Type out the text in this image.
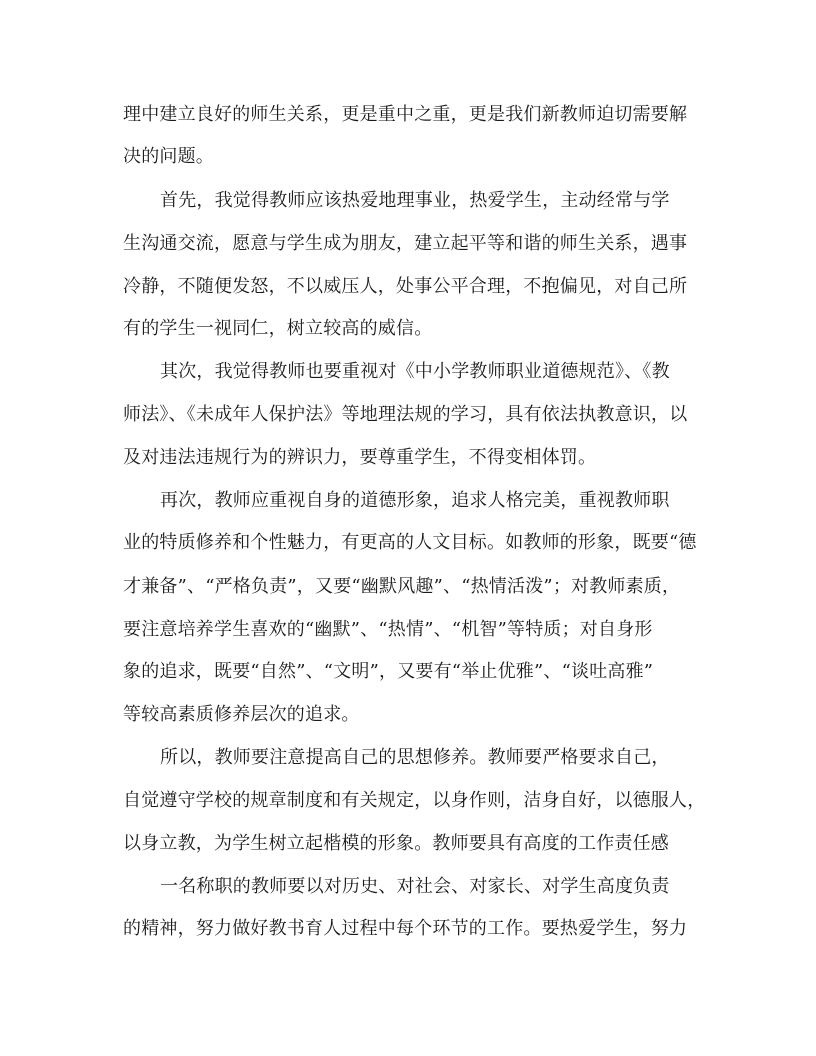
理中建立良好的师生关系，更是重中之重，更是我们新教师迫切需要解
决的问题。
首先，我觉得教师应该热爱地理事业，热爱学生，主动经常与学
生沟通交流，愿意与学生成为朋友，建立起平等和谐的师生关系，遇事
冷静，不随便发怒，不以威压人，处事公平合理，不抱偏见，对自己所
有的学生一视同仁，树立较高的威信。
其次，我觉得教师也要重视对《中小学教师职业道德规范》、《教
师法》、《未成年人保护法》等地理法规的学习，具有依法执教意识，以
及对违法违规行为的辨识力，要尊重学生，不得变相体罚。
再次，教师应重视自身的道德形象，追求人格完美，重视教师职
业的特质修养和个性魅力，有更高的人文目标。如教师的形象，既要“德
才兼备”、“严格负责”，又要“幽默风趣”、“热情活泼”；对教师素质，
要注意培养学生喜欢的“幽默”、“热情”、“机智”等特质；对自身形
象的追求，既要“自然”、“文明”，又要有“举止优雅”、“谈吐高雅”
等较高素质修养层次的追求。
所以，教师要注意提高自己的思想修养。教师要严格要求自己，
自觉遵守学校的规章制度和有关规定，以身作则，洁身自好，以德服人，
以身立教，为学生树立起楷模的形象。教师要具有高度的工作责任感
一名称职的教师要以对历史、对社会、对家长、对学生高度负责
的精神，努力做好教书育人过程中每个环节的工作。要热爱学生，努力
